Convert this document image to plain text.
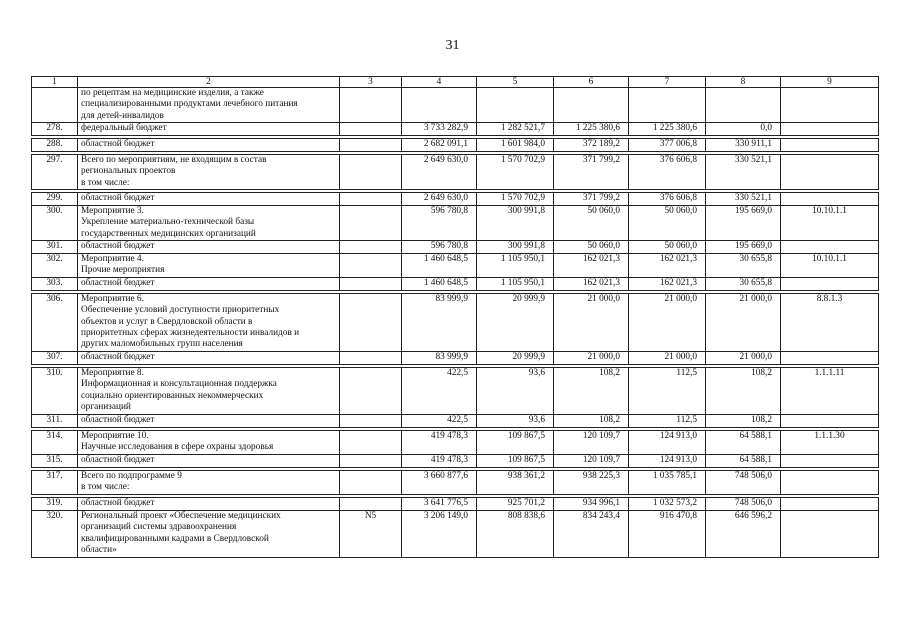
31
1	2	3	4	5	6	7	8	9
	по рецептам на медицинские изделия, а также
специализированными продуктами лечебного питания
для детей-инвалидов							
278.	федеральный бюджет		3 733 282,9	1 282 521,7	1 225 380,6	1 225 380,6	0,0	

288.	областной бюджет		2 682 091,1	1 601 984,0	372 189,2	377 006,8	330 911,1	

297.	Всего по мероприятиям, не входящим в состав
региональных проектов
в том числе:		2 649 630,0	1 570 702,9	371 799,2	376 606,8	330 521,1	

299.	областной бюджет		2 649 630,0	1 570 702,9	371 799,2	376 606,8	330 521,1	
300.	Мероприятие 3.
Укрепление материально-технической базы
государственных медицинских организаций		596 780,8	300 991,8	50 060,0	50 060,0	195 669,0	10.10.1.1
301.	областной бюджет		596 780,8	300 991,8	50 060,0	50 060,0	195 669,0	
302.	Мероприятие 4.
Прочие мероприятия		1 460 648,5	1 105 950,1	162 021,3	162 021,3	30 655,8	10.10.1.1
303.	областной бюджет		1 460 648,5	1 105 950,1	162 021,3	162 021,3	30 655,8	

306.	Мероприятие 6.
Обеспечение условий доступности приоритетных
объектов и услуг в Свердловской области в
приоритетных сферах жизнедеятельности инвалидов и
других маломобильных групп населения		83 999,9	20 999,9	21 000,0	21 000,0	21 000,0	8.8.1.3
307.	областной бюджет		83 999,9	20 999,9	21 000,0	21 000,0	21 000,0	

310.	Мероприятие 8.
Информационная и консультационная поддержка
социально ориентированных некоммерческих
организаций		422,5	93,6	108,2	112,5	108,2	1.1.1.11
311.	областной бюджет		422,5	93,6	108,2	112,5	108,2	

314.	Мероприятие 10.
Научные исследования в сфере охраны здоровья		419 478,3	109 867,5	120 109,7	124 913,0	64 588,1	1.1.1.30
315.	областной бюджет		419 478,3	109 867,5	120 109,7	124 913,0	64 588,1	

317.	Всего по подпрограмме 9
в том числе:		3 660 877,6	938 361,2	938 225,3	1 035 785,1	748 506,0	

319.	областной бюджет		3 641 776,5	925 701,2	934 996,1	1 032 573,2	748 506,0	
320.	Региональный проект «Обеспечение медицинских
организаций системы здравоохранения
квалифицированными кадрами в Свердловской
области»	N5	3 206 149,0	808 838,6	834 243,4	916 470,8	646 596,2	
